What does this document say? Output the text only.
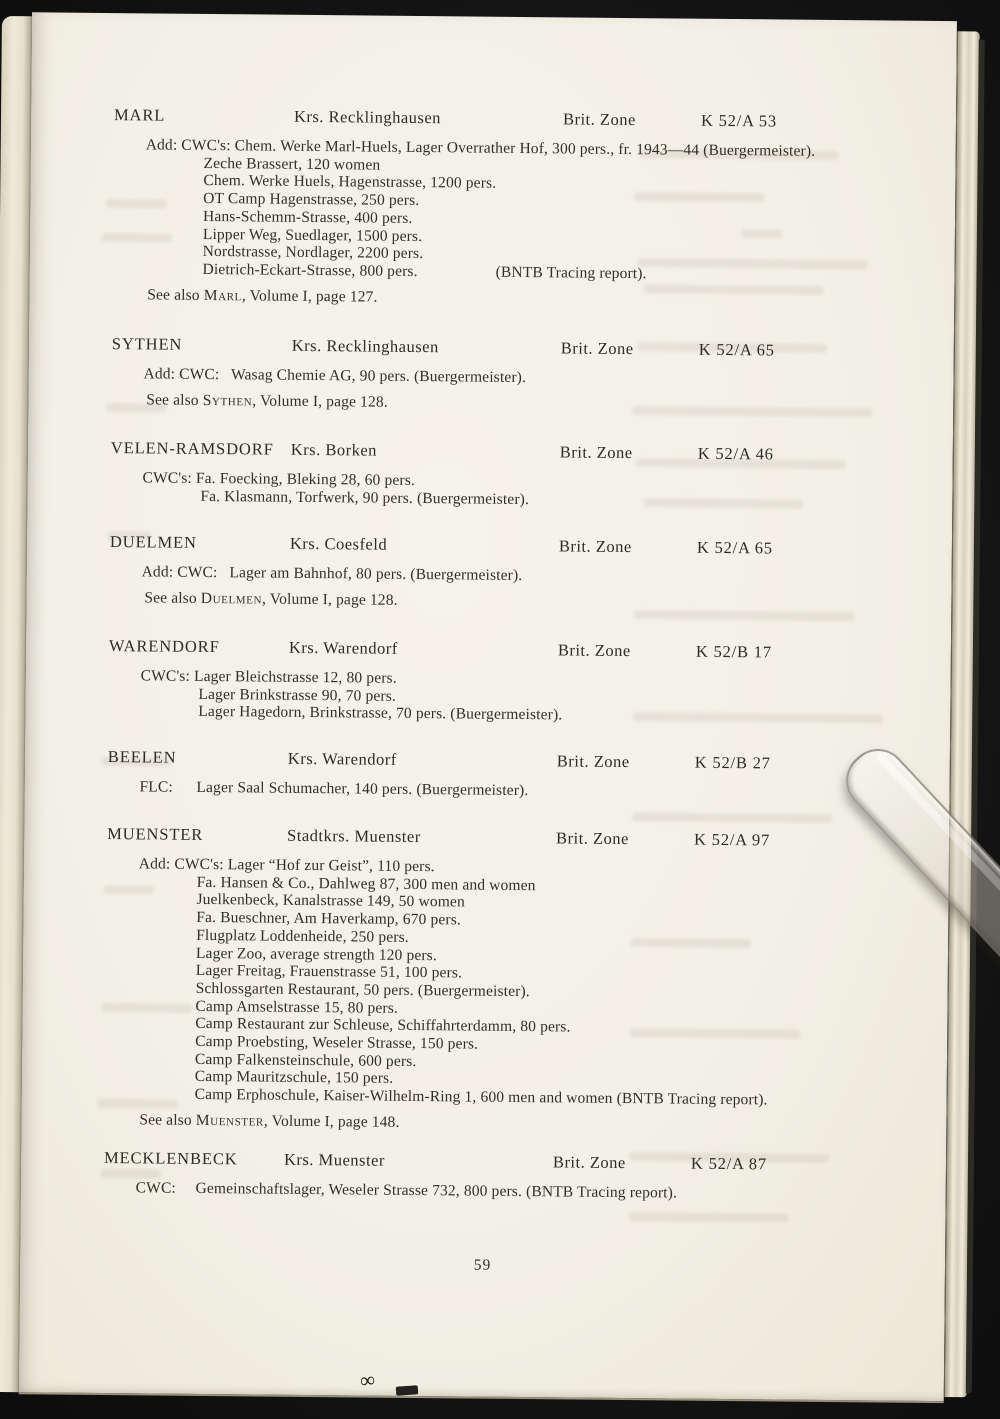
MARL	Krs. Recklinghausen	Brit. Zone	K 52/A 53
Add: CWC's: Chem. Werke Marl-Huels, Lager Overrather Hof, 300 pers., fr. 1943—44 (Buergermeister).
Zeche Brassert, 120 women
Chem. Werke Huels, Hagenstrasse, 1200 pers.
OT Camp Hagenstrasse, 250 pers.
Hans-Schemm-Strasse, 400 pers.
Lipper Weg, Suedlager, 1500 pers.
Nordstrasse, Nordlager, 2200 pers.
Dietrich-Eckart-Strasse, 800 pers.	(BNTB Tracing report).
See also Marl, Volume I, page 127.
SYTHEN	Krs. Recklinghausen	Brit. Zone	K 52/A 65
Add: CWC:  Wasag Chemie AG, 90 pers. (Buergermeister).
See also Sythen, Volume I, page 128.
VELEN-RAMSDORF Krs. Borken	Brit. Zone	K 52/A 46
CWC's: Fa. Foecking, Bleking 28, 60 pers.
Fa. Klasmann, Torfwerk, 90 pers. (Buergermeister).
DUELMEN	Krs. Coesfeld	Brit. Zone	K 52/A 65
Add: CWC:  Lager am Bahnhof, 80 pers. (Buergermeister).
See also Duelmen, Volume I, page 128.
WARENDORF	Krs. Warendorf	Brit. Zone	K 52/B 17
CWC's: Lager Bleichstrasse 12, 80 pers.
Lager Brinkstrasse 90, 70 pers.
Lager Hagedorn, Brinkstrasse, 70 pers. (Buergermeister).
BEELEN	Krs. Warendorf	Brit. Zone	K 52/B 27
FLC:  Lager Saal Schumacher, 140 pers. (Buergermeister).
MUENSTER	Stadtkrs. Muenster	Brit. Zone	K 52/A 97
Add: CWC's: Lager “Hof zur Geist”, 110 pers.
Fa. Hansen & Co., Dahlweg 87, 300 men and women
Juelkenbeck, Kanalstrasse 149, 50 women
Fa. Bueschner, Am Haverkamp, 670 pers.
Flugplatz Loddenheide, 250 pers.
Lager Zoo, average strength 120 pers.
Lager Freitag, Frauenstrasse 51, 100 pers.
Schlossgarten Restaurant, 50 pers. (Buergermeister).
Camp Amselstrasse 15, 80 pers.
Camp Restaurant zur Schleuse, Schiffahrterdamm, 80 pers.
Camp Proebsting, Weseler Strasse, 150 pers.
Camp Falkensteinschule, 600 pers.
Camp Mauritzschule, 150 pers.
Camp Erphoschule, Kaiser-Wilhelm-Ring 1, 600 men and women (BNTB Tracing report).
See also Muenster, Volume I, page 148.
MECKLENBECK	Krs. Muenster	Brit. Zone	K 52/A 87
CWC:  Gemeinschaftslager, Weseler Strasse 732, 800 pers. (BNTB Tracing report).
59
∞
